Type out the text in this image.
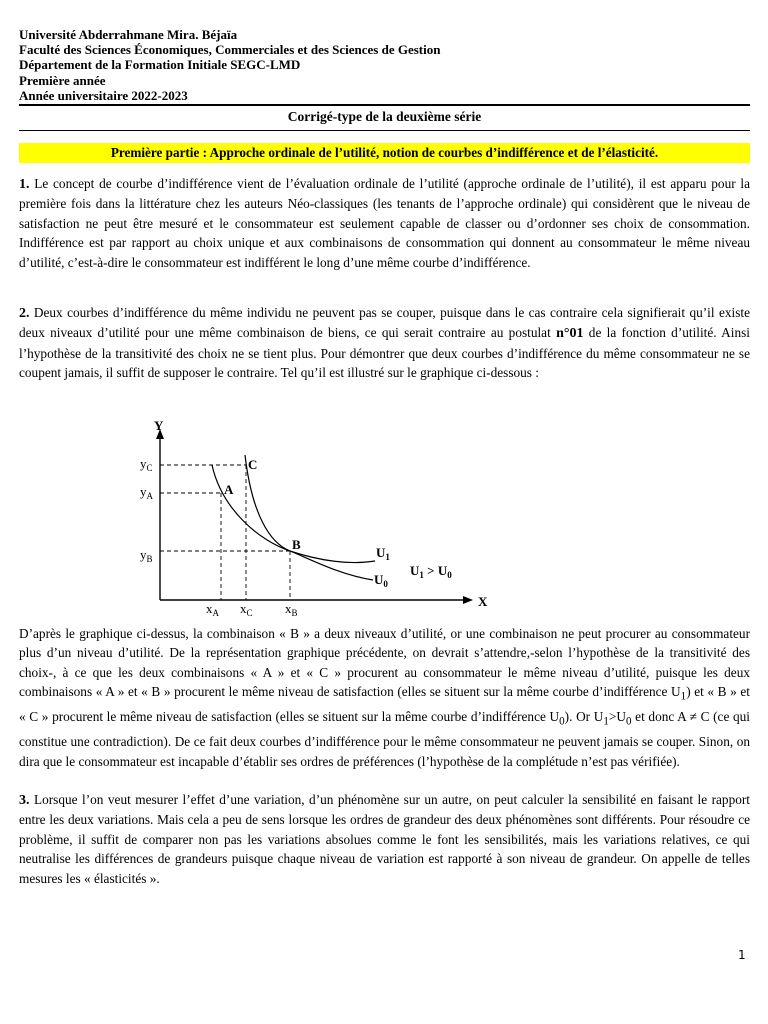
Université Abderrahmane Mira. Béjaïa
Faculté des Sciences Économiques, Commerciales et des Sciences de Gestion
Département de la Formation Initiale SEGC-LMD
Première année
Année universitaire 2022-2023
Corrigé-type de la deuxième série
Première partie : Approche ordinale de l’utilité, notion de courbes d’indifférence et de l’élasticité.
1. Le concept de courbe d’indifférence vient de l’évaluation ordinale de l’utilité (approche ordinale de l’utilité), il est apparu pour la première fois dans la littérature chez les auteurs Néo-classiques (les tenants de l’approche ordinale) qui considèrent que le niveau de satisfaction ne peut être mesuré et le consommateur est seulement capable de classer ou d’ordonner ses choix de consommation. Indifférence est par rapport au choix unique et aux combinaisons de consommation qui donnent au consommateur le même niveau d’utilité, c’est-à-dire le consommateur est indifférent le long d’une même courbe d’indifférence.
2. Deux courbes d’indifférence du même individu ne peuvent pas se couper, puisque dans le cas contraire cela signifierait qu’il existe deux niveaux d’utilité pour une même combinaison de biens, ce qui serait contraire au postulat n°01 de la fonction d’utilité. Ainsi l’hypothèse de la transitivité des choix ne se tient plus. Pour démontrer que deux courbes d’indifférence du même consommateur ne se coupent jamais, il suffit de supposer le contraire. Tel qu’il est illustré sur le graphique ci-dessous :
Y
X
$y_C$
$y_A$
$y_B$
$x_A$ $x_C$ $x_B$
A
B
C
$U_1$
$U_0$
$U_1 > U_0$
D’après le graphique ci-dessus, la combinaison « B » a deux niveaux d’utilité, or une combinaison ne peut procurer au consommateur plus d’un niveau d’utilité. De la représentation graphique précédente, on devrait s’attendre,-selon l’hypothèse de la transitivité des choix-, à ce que les deux combinaisons « A » et « C » procurent au consommateur le même niveau d’utilité, puisque les deux combinaisons « A » et « B » procurent le même niveau de satisfaction (elles se situent sur la même courbe d’indifférence $U_1$) et « B » et « C » procurent le même niveau de satisfaction (elles se situent sur la même courbe d’indifférence $U_0$). Or $U_1>U_0$ et donc A ≠ C (ce qui constitue une contradiction). De ce fait deux courbes d’indifférence pour le même consommateur ne peuvent jamais se couper. Sinon, on dira que le consommateur est incapable d’établir ses ordres de préférences (l’hypothèse de la complétude n’est pas vérifiée).
3. Lorsque l’on veut mesurer l’effet d’une variation, d’un phénomène sur un autre, on peut calculer la sensibilité en faisant le rapport entre les deux variations. Mais cela a peu de sens lorsque les ordres de grandeur des deux phénomènes sont différents. Pour résoudre ce problème, il suffit de comparer non pas les variations absolues comme le font les sensibilités, mais les variations relatives, ce qui neutralise les différences de grandeurs puisque chaque niveau de variation est rapporté à son niveau de grandeur. On appelle de telles mesures les « élasticités ».
1
